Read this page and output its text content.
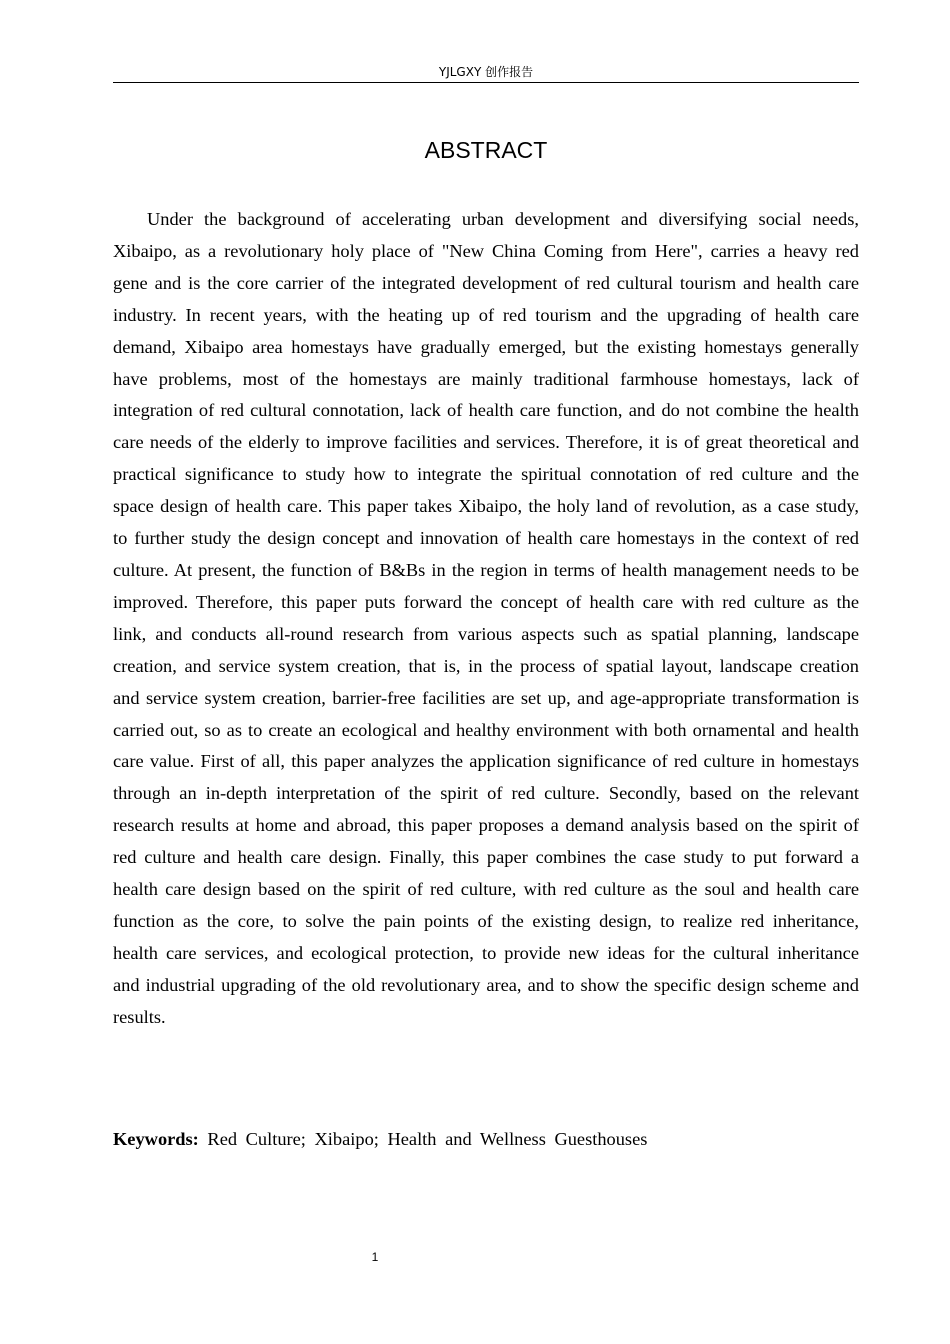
YJLGXY 创作报告
ABSTRACT

Under the background of accelerating urban development and diversifying social needs, Xibaipo, as a revolutionary holy place of "New China Coming from Here", carries a heavy red gene and is the core carrier of the integrated development of red cultural tourism and health care industry. In recent years, with the heating up of red tourism and the upgrading of health care demand, Xibaipo area homestays have gradually emerged, but the existing homestays generally have problems, most of the homestays are mainly traditional farmhouse homestays, lack of integration of red cultural connotation, lack of health care function, and do not combine the health care needs of the elderly to improve facilities and services. Therefore, it is of great theoretical and practical significance to study how to integrate the spiritual connotation of red culture and the space design of health care. This paper takes Xibaipo, the holy land of revolution, as a case study, to further study the design concept and innovation of health care homestays in the context of red culture. At present, the function of B&Bs in the region in terms of health management needs to be improved. Therefore, this paper puts forward the concept of health care with red culture as the link, and conducts all-round research from various aspects such as spatial planning, landscape creation, and service system creation, that is, in the process of spatial layout, landscape creation and service system creation, barrier-free facilities are set up, and age-appropriate transformation is carried out, so as to create an ecological and healthy environment with both ornamental and health care value. First of all, this paper analyzes the application significance of red culture in homestays through an in-depth interpretation of the spirit of red culture. Secondly, based on the relevant research results at home and abroad, this paper proposes a demand analysis based on the spirit of red culture and health care design. Finally, this paper combines the case study to put forward a health care design based on the spirit of red culture, with red culture as the soul and health care function as the core, to solve the pain points of the existing design, to realize red inheritance, health care services, and ecological protection, to provide new ideas for the cultural inheritance and industrial upgrading of the old revolutionary area, and to show the specific design scheme and results.

Keywords: Red Culture; Xibaipo; Health and Wellness Guesthouses

1
